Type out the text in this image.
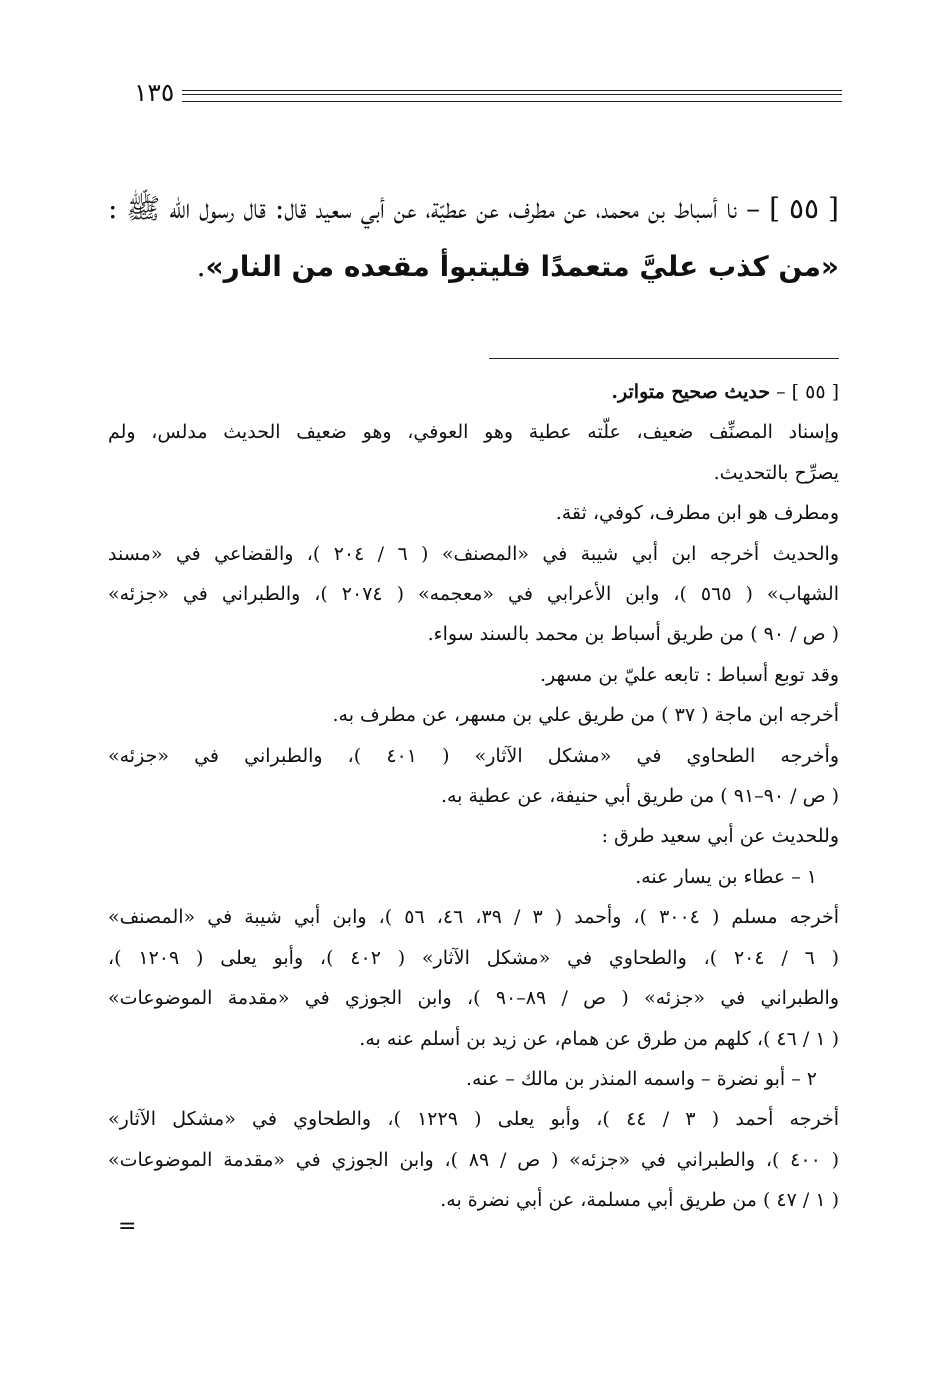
١٣٥
[ ٥٥ ] – نا أسباط بن محمد، عن مطرف، عن عطيّة، عن أبي سعيد قال: قال رسول الله ﷺ : «من كذب عليَّ متعمدًا فليتبوأ مقعده من النار».
[ ٥٥ ] – حديث صحيح متواتر.
وإسناد المصنِّف ضعيف، علّته عطية وهو العوفي، وهو ضعيف الحديث مدلس، ولم
يصرِّح بالتحديث.
ومطرف هو ابن مطرف، كوفي، ثقة.
والحديث أخرجه ابن أبي شيبة في «المصنف» ( ٦ / ٢٠٤ )، والقضاعي في «مسند
الشهاب» ( ٥٦٥ )، وابن الأعرابي في «معجمه» ( ٢٠٧٤ )، والطبراني في «جزئه»
( ص / ٩٠ ) من طريق أسباط بن محمد بالسند سواء.
وقد توبع أسباط : تابعه عليّ بن مسهر.
أخرجه ابن ماجة ( ٣٧ ) من طريق علي بن مسهر، عن مطرف به.
وأخرجه الطحاوي في «مشكل الآثار» ( ٤٠١ )، والطبراني في «جزئه»
( ص / ٩٠–٩١ ) من طريق أبي حنيفة، عن عطية به.
وللحديث عن أبي سعيد طرق :
١ – عطاء بن يسار عنه.
أخرجه مسلم ( ٣٠٠٤ )، وأحمد ( ٣ / ٣٩، ٤٦، ٥٦ )، وابن أبي شيبة في «المصنف»
( ٦ / ٢٠٤ )، والطحاوي في «مشكل الآثار» ( ٤٠٢ )، وأبو يعلى ( ١٢٠٩ )،
والطبراني في «جزئه» ( ص / ٨٩–٩٠ )، وابن الجوزي في «مقدمة الموضوعات»
( ١ / ٤٦ )، كلهم من طرق عن همام، عن زيد بن أسلم عنه به.
٢ – أبو نضرة – واسمه المنذر بن مالك – عنه.
أخرجه أحمد ( ٣ / ٤٤ )، وأبو يعلى ( ١٢٢٩ )، والطحاوي في «مشكل الآثار»
( ٤٠٠ )، والطبراني في «جزئه» ( ص / ٨٩ )، وابن الجوزي في «مقدمة الموضوعات»
( ١ / ٤٧ ) من طريق أبي مسلمة، عن أبي نضرة به.
=
